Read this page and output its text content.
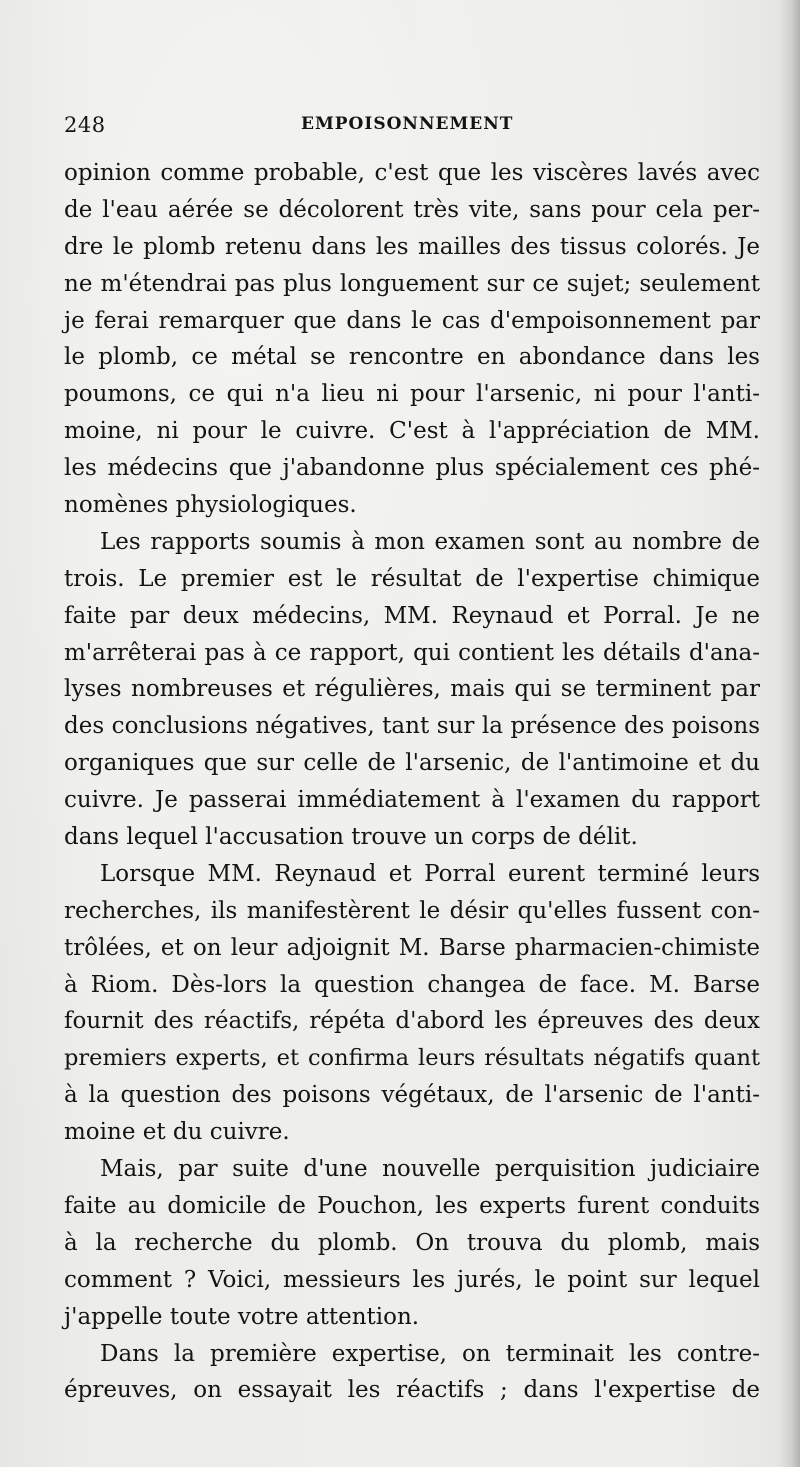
248	EMPOISONNEMENT
opinion comme probable, c'est que les viscères lavés avec
de l'eau aérée se décolorent très vite, sans pour cela per-
dre le plomb retenu dans les mailles des tissus colorés. Je
ne m'étendrai pas plus longuement sur ce sujet; seulement
je ferai remarquer que dans le cas d'empoisonnement par
le plomb, ce métal se rencontre en abondance dans les
poumons, ce qui n'a lieu ni pour l'arsenic, ni pour l'anti-
moine, ni pour le cuivre. C'est à l'appréciation de MM.
les médecins que j'abandonne plus spécialement ces phé-
nomènes physiologiques.
Les rapports soumis à mon examen sont au nombre de
trois. Le premier est le résultat de l'expertise chimique
faite par deux médecins, MM. Reynaud et Porral. Je ne
m'arrêterai pas à ce rapport, qui contient les détails d'ana-
lyses nombreuses et régulières, mais qui se terminent par
des conclusions négatives, tant sur la présence des poisons
organiques que sur celle de l'arsenic, de l'antimoine et du
cuivre. Je passerai immédiatement à l'examen du rapport
dans lequel l'accusation trouve un corps de délit.
Lorsque MM. Reynaud et Porral eurent terminé leurs
recherches, ils manifestèrent le désir qu'elles fussent con-
trôlées, et on leur adjoignit M. Barse pharmacien-chimiste
à Riom. Dès-lors la question changea de face. M. Barse
fournit des réactifs, répéta d'abord les épreuves des deux
premiers experts, et confirma leurs résultats négatifs quant
à la question des poisons végétaux, de l'arsenic de l'anti-
moine et du cuivre.
Mais, par suite d'une nouvelle perquisition judiciaire
faite au domicile de Pouchon, les experts furent conduits
à la recherche du plomb. On trouva du plomb, mais
comment ? Voici, messieurs les jurés, le point sur lequel
j'appelle toute votre attention.
Dans la première expertise, on terminait les contre-
épreuves, on essayait les réactifs ; dans l'expertise de
